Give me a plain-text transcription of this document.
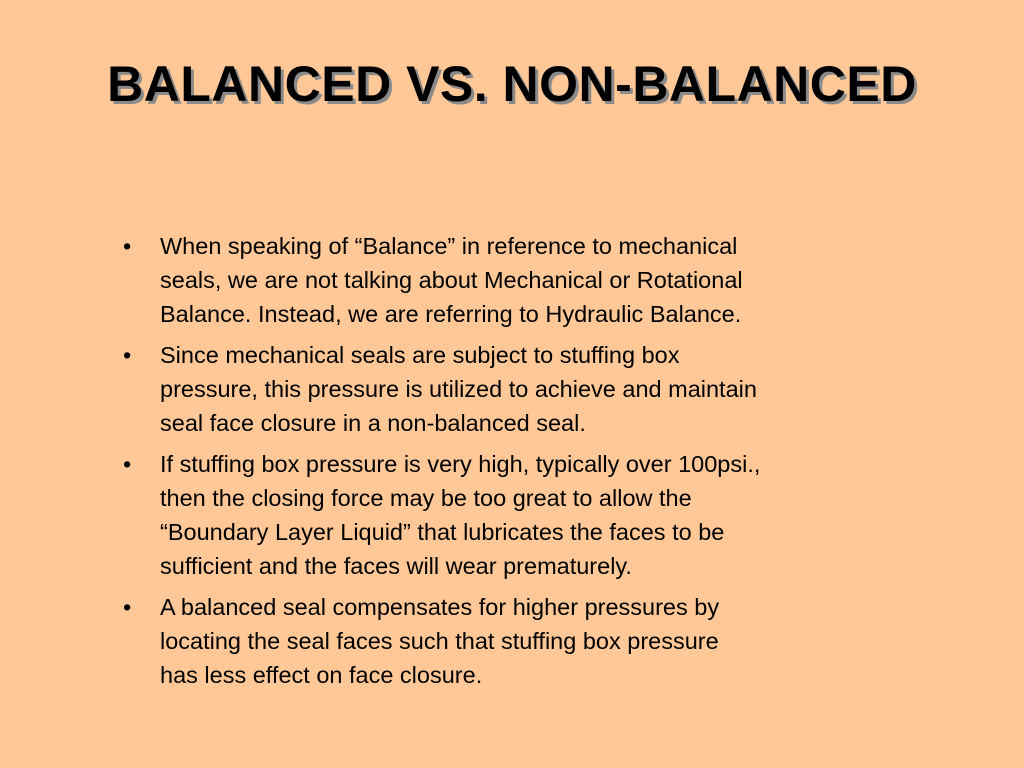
BALANCED VS. NON-BALANCED
•	When speaking of “Balance” in reference to mechanical
seals, we are not talking about Mechanical or Rotational
Balance. Instead, we are referring to Hydraulic Balance.
•	Since mechanical seals are subject to stuffing box
pressure, this pressure is utilized to achieve and maintain
seal face closure in a non-balanced seal.
•	If stuffing box pressure is very high, typically over 100psi.,
then the closing force may be too great to allow the
“Boundary Layer Liquid” that lubricates the faces to be
sufficient and the faces will wear prematurely.
•	A balanced seal compensates for higher pressures by
locating the seal faces such that stuffing box pressure
has less effect on face closure.
